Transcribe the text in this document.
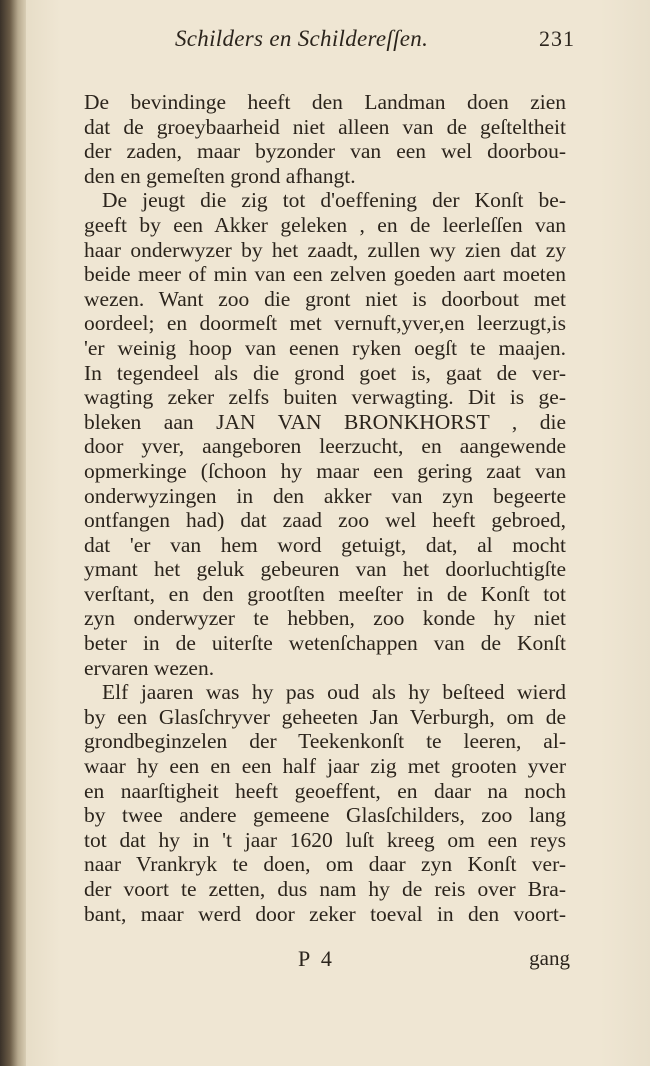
Schilders en Schildereſſen.	231
De bevindinge heeft den Landman doen zien
dat de groeybaarheid niet alleen van de geſteltheit
der zaden, maar byzonder van een wel doorbou-
den en gemeſten grond afhangt.
De jeugt die zig tot d'oeffening der Konſt be-
geeft by een Akker geleken , en de leerleſſen van
haar onderwyzer by het zaadt, zullen wy zien dat zy
beide meer of min van een zelven goeden aart moeten
wezen. Want zoo die gront niet is doorbout met
oordeel; en doormeſt met vernuft,yver,en leerzugt,is
'er weinig hoop van eenen ryken oegſt te maajen.
In tegendeel als die grond goet is, gaat de ver-
wagting zeker zelfs buiten verwagting. Dit is ge-
bleken aan JAN VAN BRONKHORST , die
door yver, aangeboren leerzucht, en aangewende
opmerkinge (ſchoon hy maar een gering zaat van
onderwyzingen in den akker van zyn begeerte
ontfangen had) dat zaad zoo wel heeft gebroed,
dat 'er van hem word getuigt, dat, al mocht
ymant het geluk gebeuren van het doorluchtigſte
verſtant, en den grootſten meeſter in de Konſt tot
zyn onderwyzer te hebben, zoo konde hy niet
beter in de uiterſte wetenſchappen van de Konſt
ervaren wezen.
Elf jaaren was hy pas oud als hy beſteed wierd
by een Glasſchryver geheeten Jan Verburgh, om de
grondbeginzelen der Teekenkonſt te leeren, al-
waar hy een en een half jaar zig met grooten yver
en naarſtigheit heeft geoeffent, en daar na noch
by twee andere gemeene Glasſchilders, zoo lang
tot dat hy in 't jaar 1620 luſt kreeg om een reys
naar Vrankryk te doen, om daar zyn Konſt ver-
der voort te zetten, dus nam hy de reis over Bra-
bant, maar werd door zeker toeval in den voort-
P 4	gang
